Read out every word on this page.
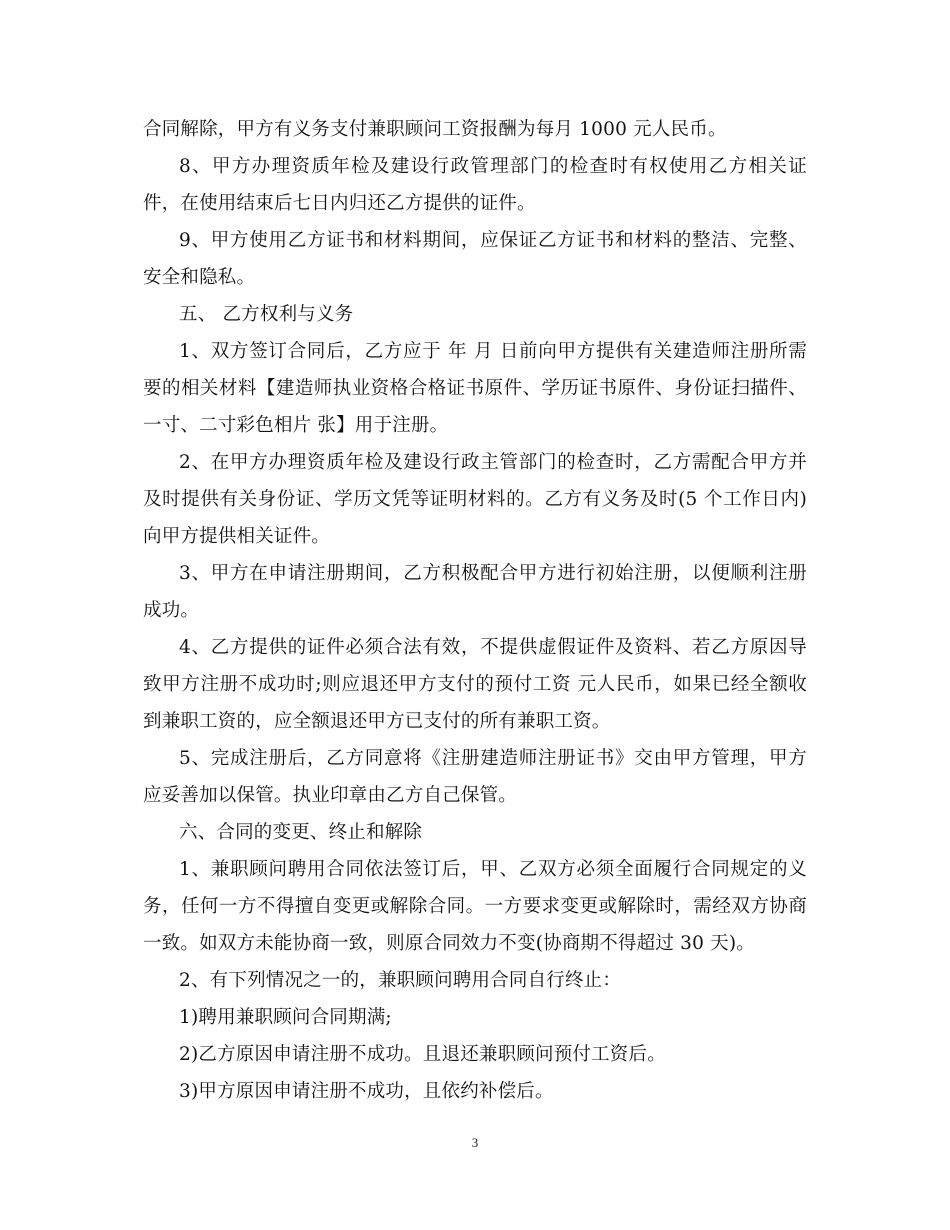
合同解除，甲方有义务支付兼职顾问工资报酬为每月 1000 元人民币。

8、甲方办理资质年检及建设行政管理部门的检查时有权使用乙方相关证件，在使用结束后七日内归还乙方提供的证件。

9、甲方使用乙方证书和材料期间，应保证乙方证书和材料的整洁、完整、安全和隐私。

五、 乙方权利与义务

1、双方签订合同后，乙方应于 年 月 日前向甲方提供有关建造师注册所需要的相关材料【建造师执业资格合格证书原件、学历证书原件、身份证扫描件、一寸、二寸彩色相片 张】用于注册。

2、在甲方办理资质年检及建设行政主管部门的检查时，乙方需配合甲方并及时提供有关身份证、学历文凭等证明材料的。乙方有义务及时(5 个工作日内)向甲方提供相关证件。

3、甲方在申请注册期间，乙方积极配合甲方进行初始注册，以便顺利注册成功。

4、乙方提供的证件必须合法有效，不提供虚假证件及资料、若乙方原因导致甲方注册不成功时;则应退还甲方支付的预付工资 元人民币，如果已经全额收到兼职工资的，应全额退还甲方已支付的所有兼职工资。

5、完成注册后，乙方同意将《注册建造师注册证书》交由甲方管理，甲方应妥善加以保管。执业印章由乙方自己保管。

六、合同的变更、终止和解除

1、兼职顾问聘用合同依法签订后，甲、乙双方必须全面履行合同规定的义务，任何一方不得擅自变更或解除合同。一方要求变更或解除时，需经双方协商一致。如双方未能协商一致，则原合同效力不变(协商期不得超过 30 天)。

2、有下列情况之一的，兼职顾问聘用合同自行终止：

1)聘用兼职顾问合同期满;

2)乙方原因申请注册不成功。且退还兼职顾问预付工资后。

3)甲方原因申请注册不成功，且依约补偿后。

3
